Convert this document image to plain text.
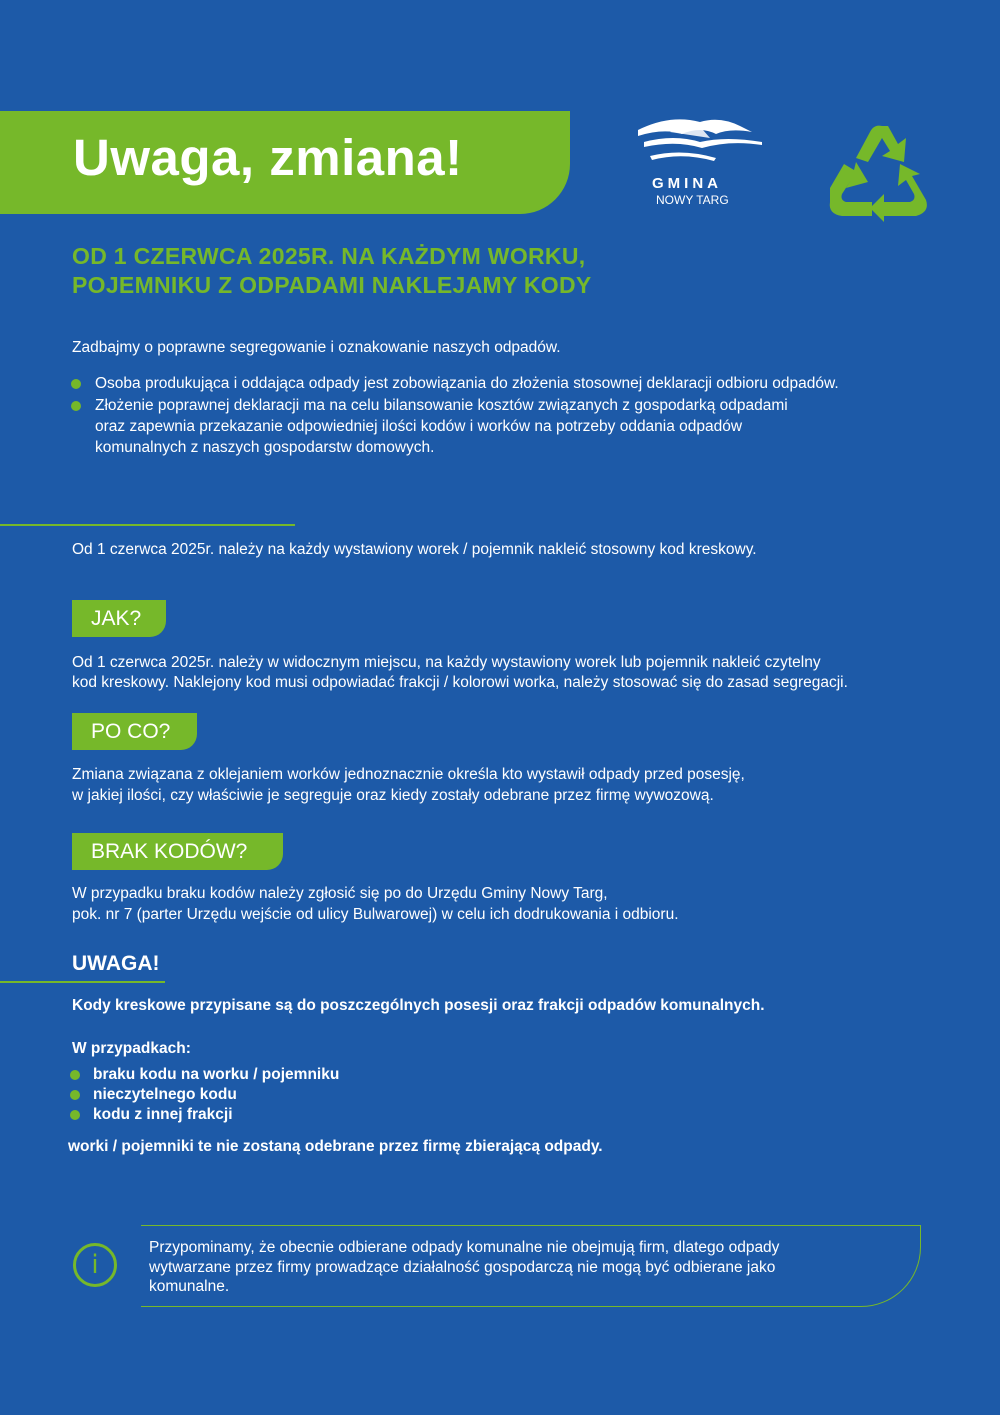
Uwaga, zmiana!	GMINA
NOWY TARG
OD 1 CZERWCA 2025R. NA KAŻDYM WORKU,
POJEMNIKU Z ODPADAMI NAKLEJAMY KODY
Zadbajmy o poprawne segregowanie i oznakowanie naszych odpadów.
Osoba produkująca i oddająca odpady jest zobowiązania do złożenia stosownej deklaracji odbioru odpadów.
Złożenie poprawnej deklaracji ma na celu bilansowanie kosztów związanych z gospodarką odpadami
oraz zapewnia przekazanie odpowiedniej ilości kodów i worków na potrzeby oddania odpadów
komunalnych z naszych gospodarstw domowych.
Od 1 czerwca 2025r. należy na każdy wystawiony worek / pojemnik nakleić stosowny kod kreskowy.
JAK?
Od 1 czerwca 2025r. należy w widocznym miejscu, na każdy wystawiony worek lub pojemnik nakleić czytelny
kod kreskowy. Naklejony kod musi odpowiadać frakcji / kolorowi worka, należy stosować się do zasad segregacji.
PO CO?
Zmiana związana z oklejaniem worków jednoznacznie określa kto wystawił odpady przed posesję,
w jakiej ilości, czy właściwie je segreguje oraz kiedy zostały odebrane przez firmę wywozową.
BRAK KODÓW?
W przypadku braku kodów należy zgłosić się po do Urzędu Gminy Nowy Targ,
pok. nr 7 (parter Urzędu wejście od ulicy Bulwarowej) w celu ich dodrukowania i odbioru.
UWAGA!
Kody kreskowe przypisane są do poszczególnych posesji oraz frakcji odpadów komunalnych.
W przypadkach:
braku kodu na worku / pojemniku
nieczytelnego kodu
kodu z innej frakcji
worki / pojemniki te nie zostaną odebrane przez firmę zbierającą odpady.
i
Przypominamy, że obecnie odbierane odpady komunalne nie obejmują firm, dlatego odpady
wytwarzane przez firmy prowadzące działalność gospodarczą nie mogą być odbierane jako
komunalne.
